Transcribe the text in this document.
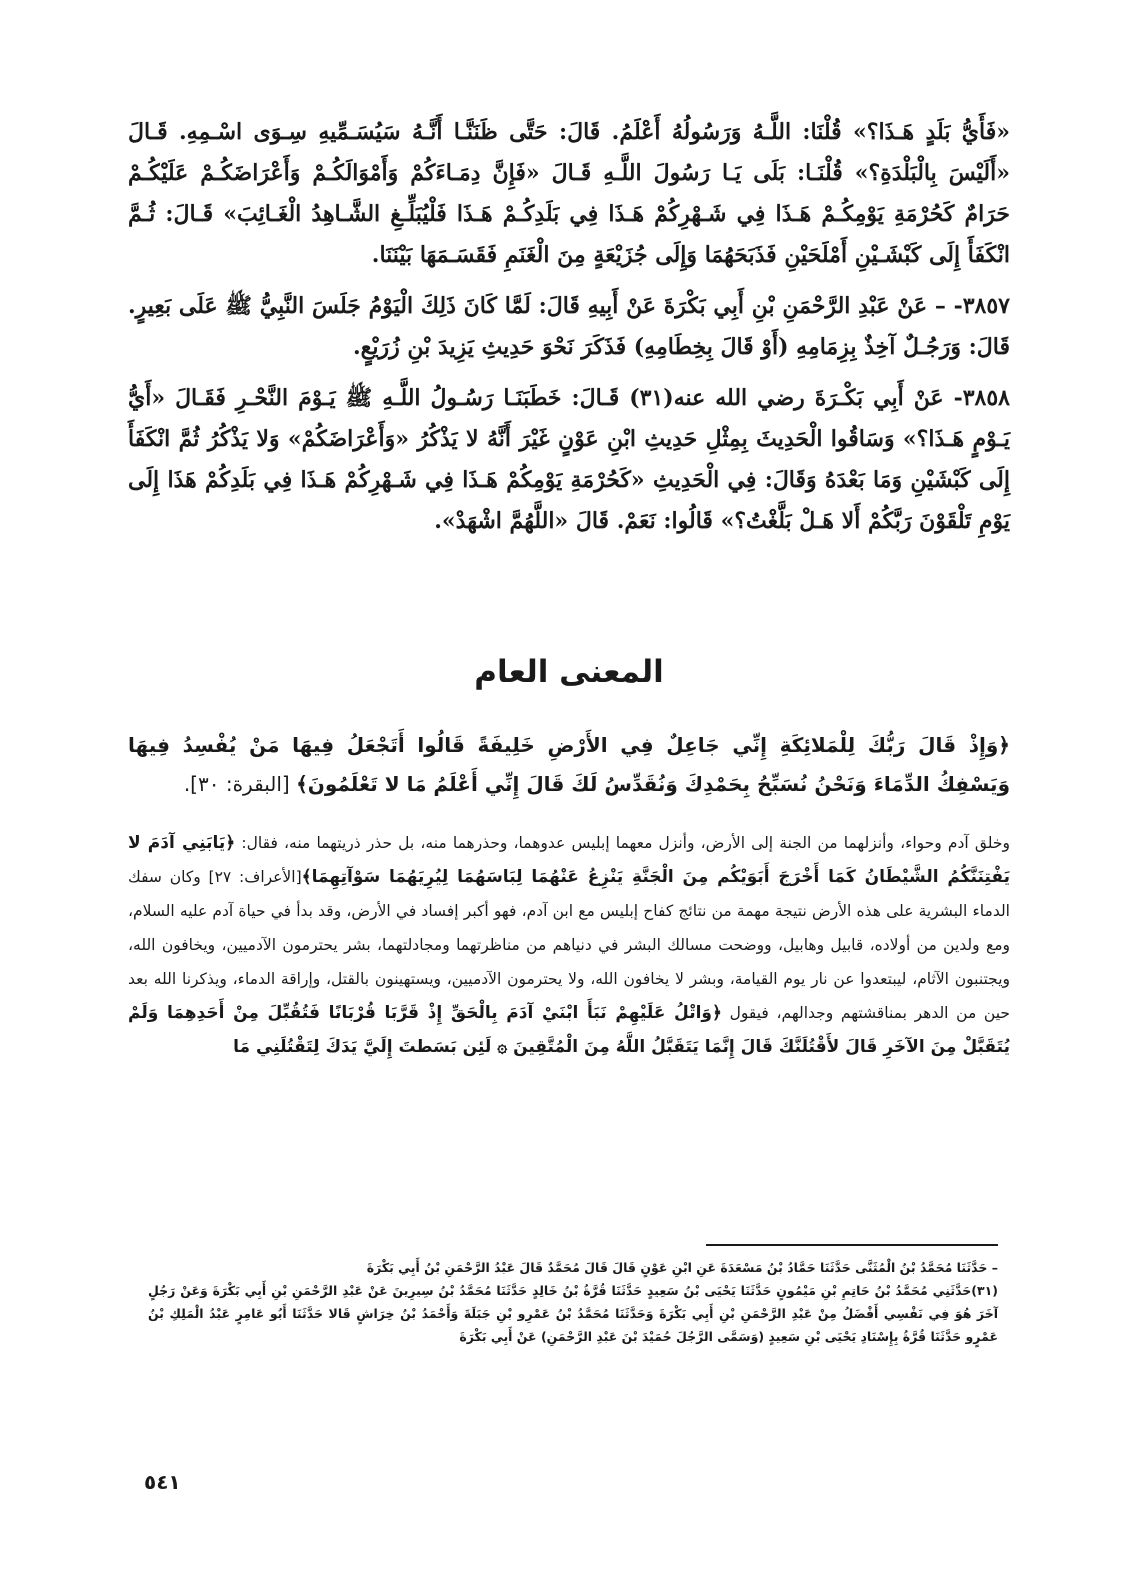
«فَأَيُّ بَلَدٍ هَـذَا؟» قُلْنَا: اللَّـهُ وَرَسُولُهُ أَعْلَمُ. قَالَ: حَتَّى ظَنَنَّـا أَنَّـهُ سَيُسَـمِّيهِ سِـوَى اسْـمِهِ. قَـالَ «أَلَيْسَ بِالْبَلْدَةِ؟» قُلْنَـا: بَلَى يَـا رَسُولَ اللَّـهِ قَـالَ «فَإِنَّ دِمَـاءَكُمْ وَأَمْوَالَكُـمْ وَأَعْرَاضَكُـمْ عَلَيْكُـمْ حَرَامٌ كَحُرْمَةِ يَوْمِكُـمْ هَـذَا فِي شَـهْرِكُمْ هَـذَا فِي بَلَدِكُـمْ هَـذَا فَلْيُبَلِّـغِ الشَّـاهِدُ الْغَـائِبَ» قَـالَ: ثُـمَّ انْكَفَأَ إِلَى كَبْشَـيْنِ أَمْلَحَيْنِ فَذَبَحَهُمَا وَإِلَى جُزَيْعَةٍ مِنَ الْغَنَمِ فَقَسَـمَهَا بَيْنَنَا.

٣٨٥٧- – عَنْ عَبْدِ الرَّحْمَنِ بْنِ أَبِي بَكْرَةَ عَنْ أَبِيهِ قَالَ: لَمَّا كَانَ ذَلِكَ الْيَوْمُ جَلَسَ النَّبِيُّ ﷺ عَلَى بَعِيرٍ. قَالَ: وَرَجُـلٌ آخِذٌ بِزِمَامِهِ (أَوْ قَالَ بِخِطَامِهِ) فَذَكَرَ نَحْوَ حَدِيثِ يَزِيدَ بْنِ زُرَيْعٍ.

٣٨٥٨- عَنْ أَبِي بَكْـرَةَ رضي الله عنه(٣١) قَـالَ: خَطَبَنَـا رَسُـولُ اللَّـهِ ﷺ يَـوْمَ النَّحْـرِ فَقَـالَ «أَيُّ يَـوْمٍ هَـذَا؟» وَسَاقُوا الْحَدِيثَ بِمِثْلِ حَدِيثِ ابْنِ عَوْنٍ غَيْرَ أَنَّهُ لا يَذْكُرُ «وَأَعْرَاضَكُمْ» وَلا يَذْكُرُ ثُمَّ انْكَفَأَ إِلَى كَبْشَيْنِ وَمَا بَعْدَهُ وَقَالَ: فِي الْحَدِيثِ «كَحُرْمَةِ يَوْمِكُمْ هَـذَا فِي شَـهْرِكُمْ هَـذَا فِي بَلَدِكُمْ هَذَا إِلَى يَوْمِ تَلْقَوْنَ رَبَّكُمْ أَلا هَـلْ بَلَّغْتُ؟» قَالُوا: نَعَمْ. قَالَ «اللَّهُمَّ اشْهَدْ».

المعنى العام

﴿وَإِذْ قَالَ رَبُّكَ لِلْمَلائِكَةِ إِنِّي جَاعِلٌ فِي الأَرْضِ خَلِيفَةً قَالُوا أَتَجْعَلُ فِيهَا مَنْ يُفْسِدُ فِيهَا وَيَسْفِكُ الدِّمَاءَ وَنَحْنُ نُسَبِّحُ بِحَمْدِكَ وَنُقَدِّسُ لَكَ قَالَ إِنِّي أَعْلَمُ مَا لا تَعْلَمُونَ﴾ [البقرة: ٣٠].

وخلق آدم وحواء، وأنزلهما من الجنة إلى الأرض، وأنزل معهما إبليس عدوهما، وحذرهما منه، بل حذر ذريتهما منه، فقال: ﴿يَابَنِي آدَمَ لا يَفْتِنَنَّكُمُ الشَّيْطَانُ كَمَا أَخْرَجَ أَبَوَيْكُم مِنَ الْجَنَّةِ يَنْزِعُ عَنْهُمَا لِبَاسَهُمَا لِيُرِيَهُمَا سَوْآتِهِمَا﴾[الأعراف: ٢٧] وكان سفك الدماء البشرية على هذه الأرض نتيجة مهمة من نتائج كفاح إبليس مع ابن آدم، فهو أكبر إفساد في الأرض، وقد بدأ في حياة آدم عليه السلام، ومع ولدين من أولاده، قابيل وهابيل، ووضحت مسالك البشر في دنياهم من مناظرتهما ومجادلتهما، بشر يحترمون الآدميين، ويخافون الله، ويجتنبون الآثام، ليبتعدوا عن نار يوم القيامة، وبشر لا يخافون الله، ولا يحترمون الآدميين، ويستهينون بالقتل، وإراقة الدماء، ويذكرنا الله بعد حين من الدهر بمناقشتهم وجدالهم، فيقول ﴿وَاتْلُ عَلَيْهِمْ نَبَأَ ابْنَيْ آدَمَ بِالْحَقِّ إِذْ قَرَّبَا قُرْبَانًا فَتُقُبِّلَ مِنْ أَحَدِهِمَا وَلَمْ يُتَقَبَّلْ مِنَ الآخَرِ قَالَ لأَقْتُلَنَّكَ قَالَ إِنَّمَا يَتَقَبَّلُ اللَّهُ مِنَ الْمُتَّقِينَ ۞ لَئِن بَسَطتَ إِلَيَّ يَدَكَ لِتَقْتُلَنِي مَا

– حَدَّثَنَا مُحَمَّدُ بْنُ الْمُثَنَّى حَدَّثَنَا حَمَّادُ بْنُ مَسْعَدَةَ عَنِ ابْنِ عَوْنٍ قَالَ قَالَ مُحَمَّدٌ قَالَ عَبْدُ الرَّحْمَنِ بْنُ أَبِي بَكْرَةَ

(٣١)حَدَّثَنِي مُحَمَّدُ بْنُ حَاتِمِ بْنِ مَيْمُونٍ حَدَّثَنَا يَحْيَى بْنُ سَعِيدٍ حَدَّثَنَا قُرَّةُ بْنُ خَالِدٍ حَدَّثَنَا مُحَمَّدُ بْنُ سِيرِينَ عَنْ عَبْدِ الرَّحْمَنِ بْنِ أَبِي بَكْرَةَ وَعَنْ رَجُلٍ آخَرَ هُوَ فِي نَفْسِي أَفْضَلُ مِنْ عَبْدِ الرَّحْمَنِ بْنِ أَبِي بَكْرَةَ وَحَدَّثَنَا مُحَمَّدُ بْنُ عَمْرِو بْنِ جَبَلَةَ وَأَحْمَدُ بْنُ خِرَاشٍ قَالا حَدَّثَنَا أَبُو عَامِرٍ عَبْدُ الْمَلِكِ بْنُ عَمْرٍو حَدَّثَنَا قُرَّةُ بِإِسْنَادِ يَحْيَى بْنِ سَعِيدٍ (وَسَمَّى الرَّجُلَ حُمَيْدَ بْنَ عَبْدِ الرَّحْمَنِ) عَنْ أَبِي بَكْرَةَ

٥٤١
